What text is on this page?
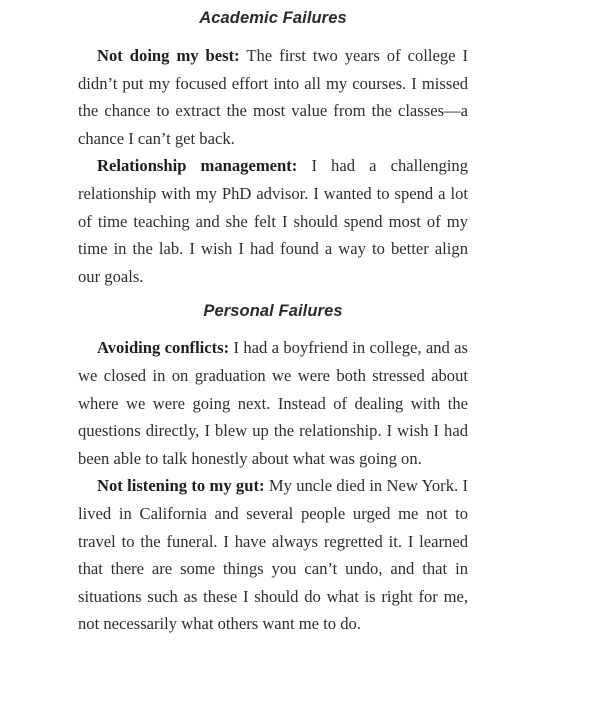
Academic Failures

Not doing my best: The first two years of college I didn’t put my focused effort into all my courses. I missed the chance to extract the most value from the classes—a chance I can’t get back.

Relationship management: I had a challenging relationship with my PhD advisor. I wanted to spend a lot of time teaching and she felt I should spend most of my time in the lab. I wish I had found a way to better align our goals.

Personal Failures

Avoiding conflicts: I had a boyfriend in college, and as we closed in on graduation we were both stressed about where we were going next. Instead of dealing with the questions directly, I blew up the relationship. I wish I had been able to talk honestly about what was going on.

Not listening to my gut: My uncle died in New York. I lived in California and several people urged me not to travel to the funeral. I have always regretted it. I learned that there are some things you can’t undo, and that in situations such as these I should do what is right for me, not necessarily what others want me to do.
